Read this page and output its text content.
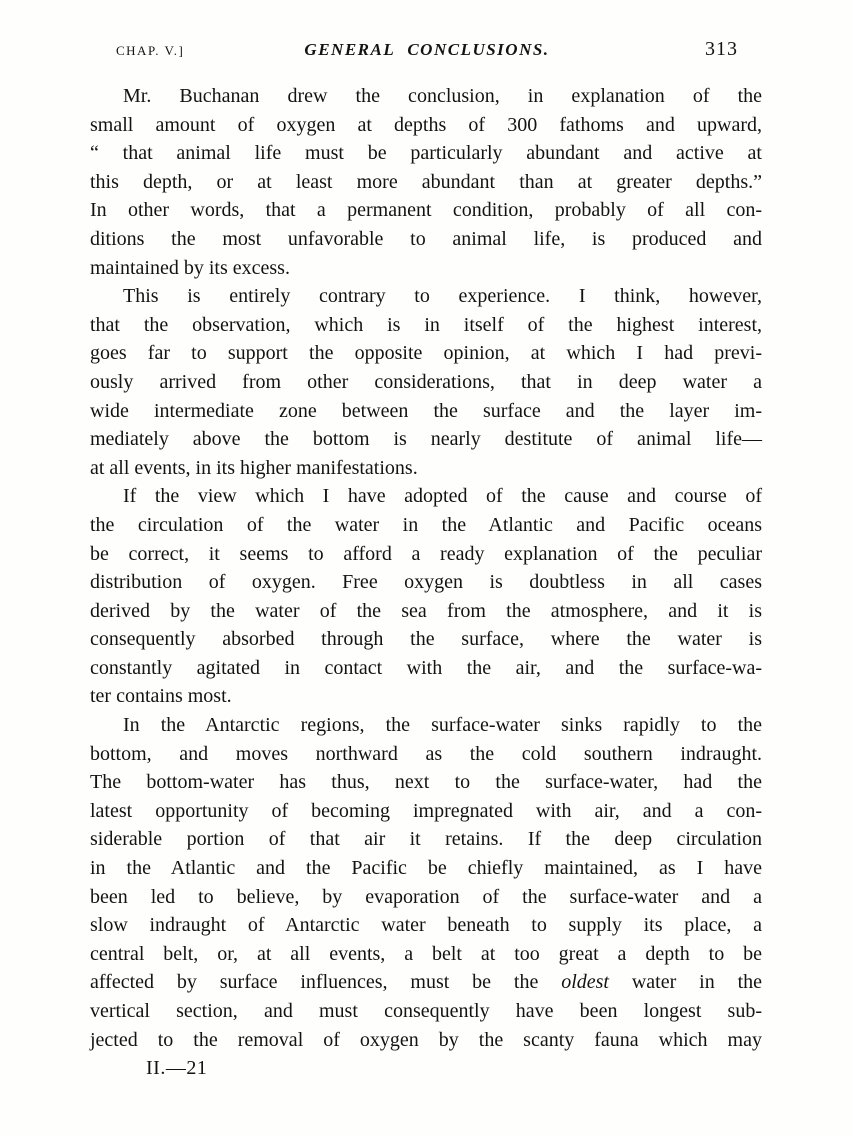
CHAP. V.]	GENERAL CONCLUSIONS.	313
Mr. Buchanan drew the conclusion, in explanation of the
small amount of oxygen at depths of 300 fathoms and upward,
“ that animal life must be particularly abundant and active at
this depth, or at least more abundant than at greater depths.”
In other words, that a permanent condition, probably of all con-
ditions the most unfavorable to animal life, is produced and
maintained by its excess.
This is entirely contrary to experience. I think, however,
that the observation, which is in itself of the highest interest,
goes far to support the opposite opinion, at which I had previ-
ously arrived from other considerations, that in deep water a
wide intermediate zone between the surface and the layer im-
mediately above the bottom is nearly destitute of animal life—
at all events, in its higher manifestations.
If the view which I have adopted of the cause and course of
the circulation of the water in the Atlantic and Pacific oceans
be correct, it seems to afford a ready explanation of the peculiar
distribution of oxygen. Free oxygen is doubtless in all cases
derived by the water of the sea from the atmosphere, and it is
consequently absorbed through the surface, where the water is
constantly agitated in contact with the air, and the surface-wa-
ter contains most.
In the Antarctic regions, the surface-water sinks rapidly to the
bottom, and moves northward as the cold southern indraught.
The bottom-water has thus, next to the surface-water, had the
latest opportunity of becoming impregnated with air, and a con-
siderable portion of that air it retains. If the deep circulation
in the Atlantic and the Pacific be chiefly maintained, as I have
been led to believe, by evaporation of the surface-water and a
slow indraught of Antarctic water beneath to supply its place, a
central belt, or, at all events, a belt at too great a depth to be
affected by surface influences, must be the oldest water in the
vertical section, and must consequently have been longest sub-
jected to the removal of oxygen by the scanty fauna which may
II.—21
